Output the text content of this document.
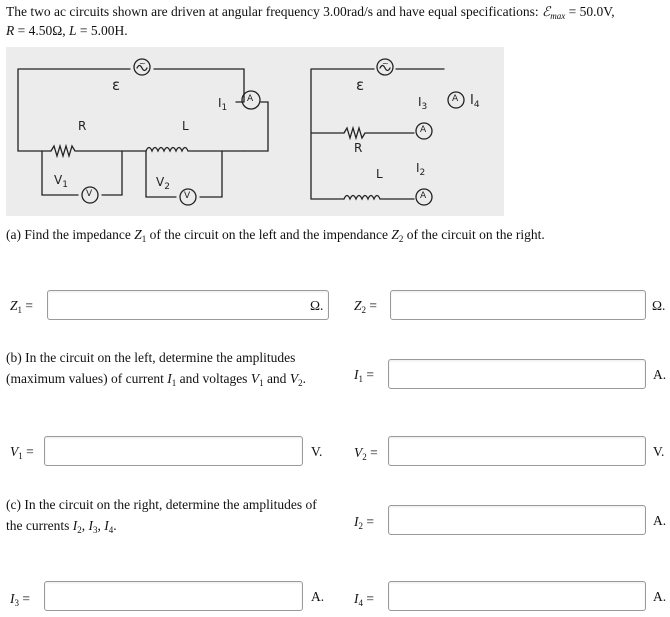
The two ac circuits shown are driven at angular frequency 3.00rad/s and have equal specifications: ℰ$_{max}$ = 50.0V,
R = 4.50Ω, L = 5.00H.
ε
~
$I_1$
A
R	L
$V_1$
V
$V_2$
V
ε
~
$I_3$
A $I_4$
R
A
L	$I_2$
A
(a) Find the impedance $Z_1$ of the circuit on the left and the impendance $Z_2$ of the circuit on the right.
$Z_1$ =	Ω. $Z_2$ =	Ω.
(b) In the circuit on the left, determine the amplitudes
(maximum values) of current $I_1$ and voltages $V_1$ and $V_2$.	$I_1$ =	A.
$V_1$ =	V. $V_2$ =	V.
(c) In the circuit on the right, determine the amplitudes of
the currents $I_2$, $I_3$, $I_4$.	$I_2$ =	A.
$I_3$ =	A. $I_4$ =	A.
